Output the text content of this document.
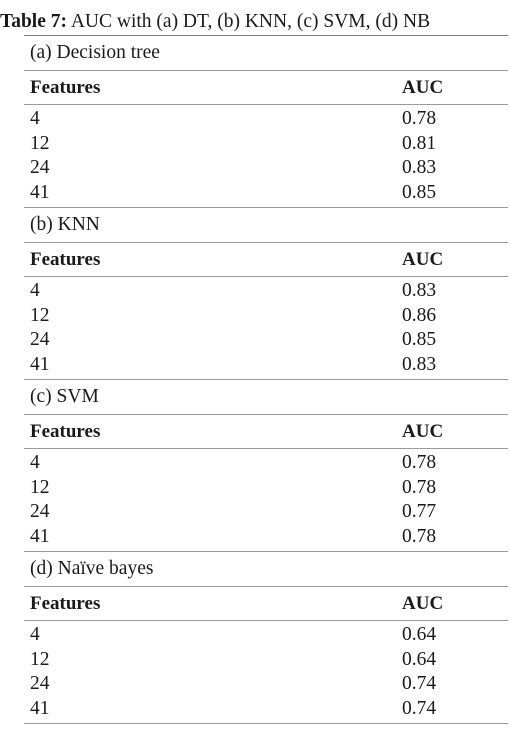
Table 7: AUC with (a) DT, (b) KNN, (c) SVM, (d) NB
(a) Decision tree
Features	AUC
4	0.78
12	0.81
24	0.83
41	0.85
(b) KNN
Features	AUC
4	0.83
12	0.86
24	0.85
41	0.83
(c) SVM
Features	AUC
4	0.78
12	0.78
24	0.77
41	0.78
(d) Naïve bayes
Features	AUC
4	0.64
12	0.64
24	0.74
41	0.74
